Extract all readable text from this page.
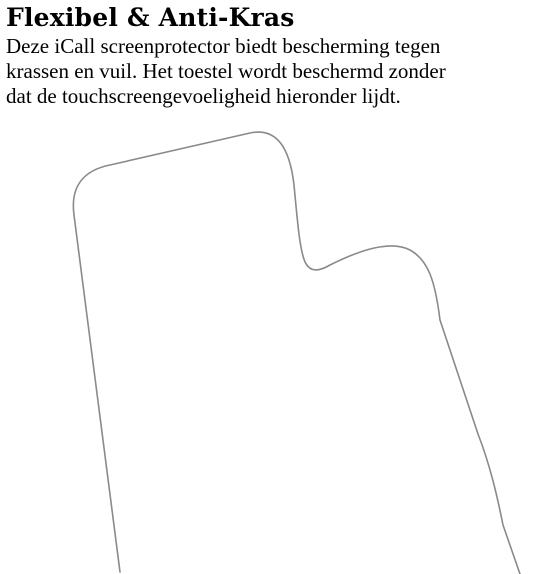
Flexibel & Anti-Kras

Deze iCall screenprotector biedt bescherming tegen
krassen en vuil. Het toestel wordt beschermd zonder
dat de touchscreengevoeligheid hieronder lijdt.
